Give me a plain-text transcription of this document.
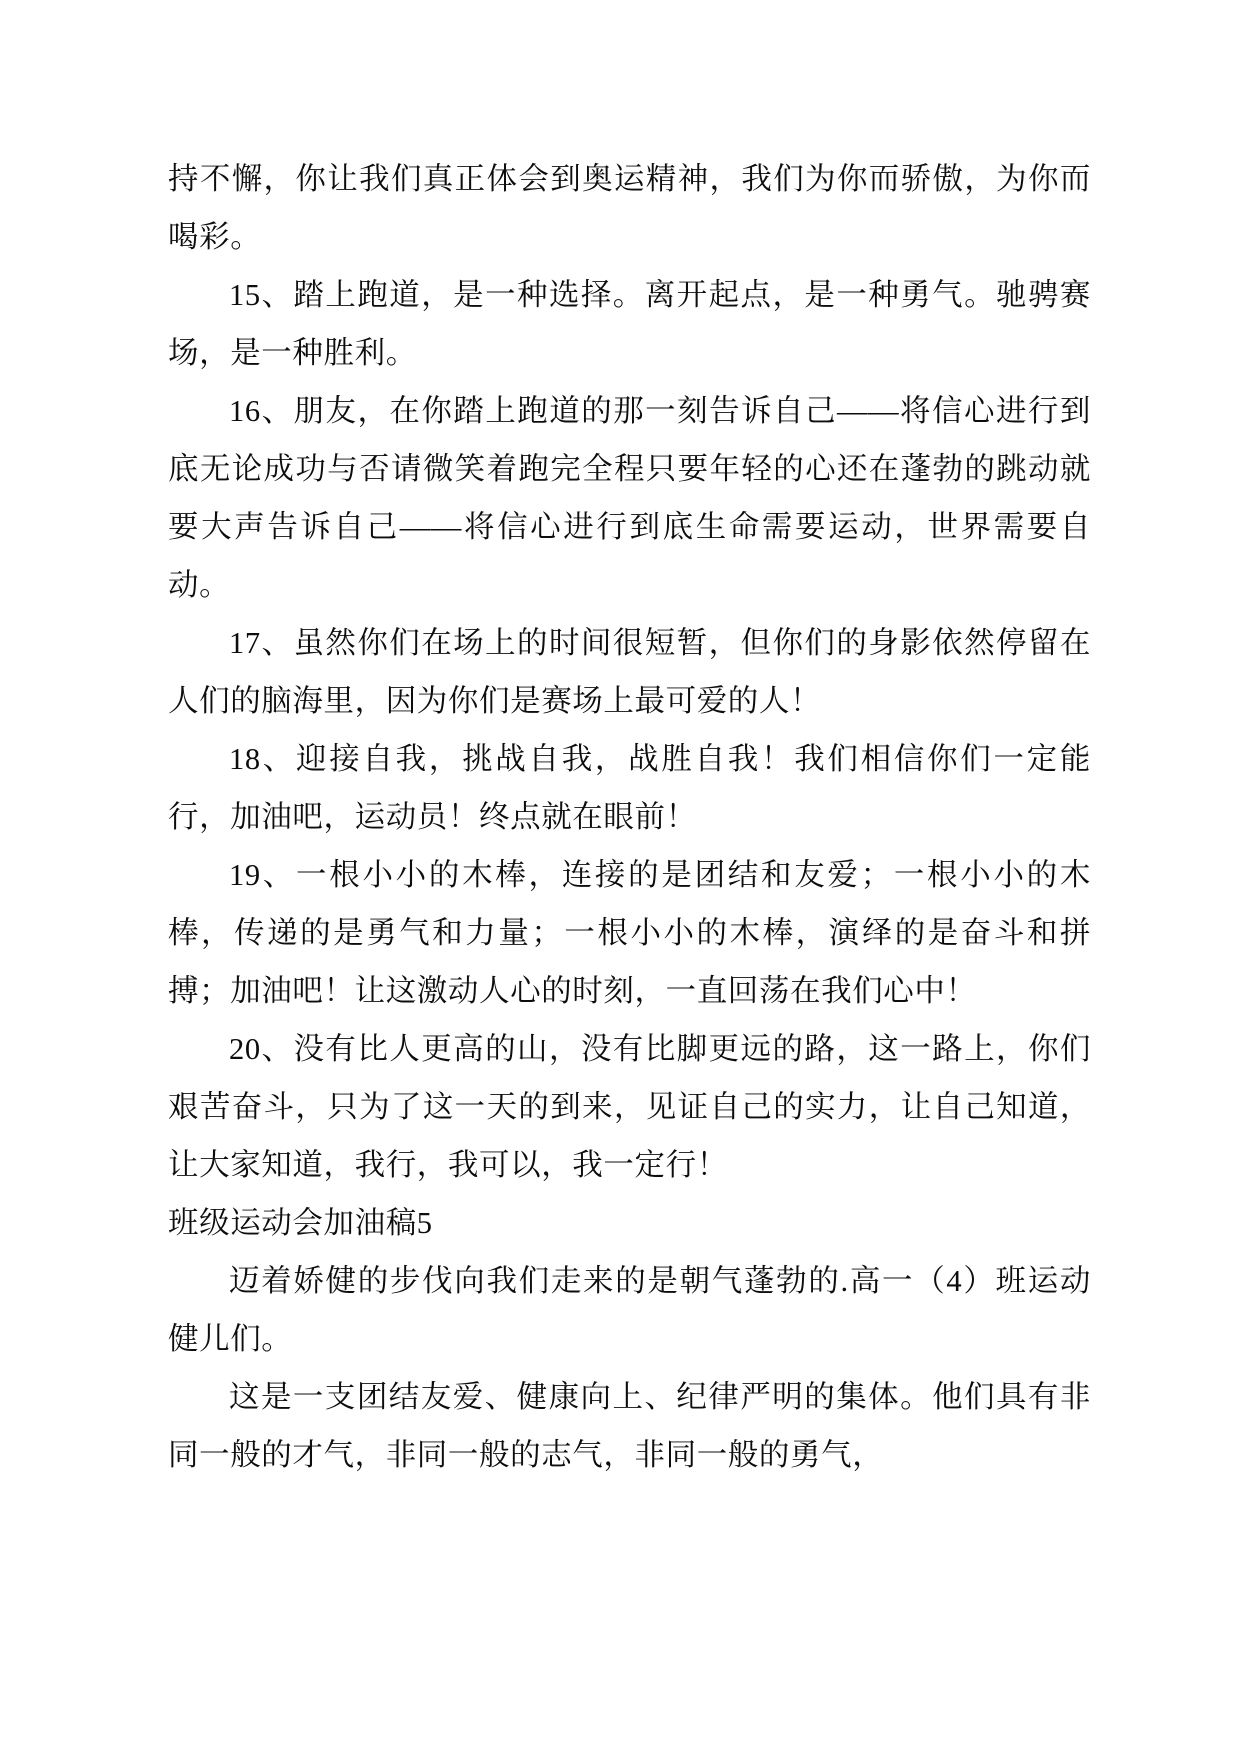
持不懈，你让我们真正体会到奥运精神，我们为你而骄傲，为你而喝彩。

15、踏上跑道，是一种选择。离开起点，是一种勇气。驰骋赛场，是一种胜利。

16、朋友，在你踏上跑道的那一刻告诉自己——将信心进行到底无论成功与否请微笑着跑完全程只要年轻的心还在蓬勃的跳动就要大声告诉自己——将信心进行到底生命需要运动，世界需要自动。

17、虽然你们在场上的时间很短暂，但你们的身影依然停留在人们的脑海里，因为你们是赛场上最可爱的人！

18、迎接自我，挑战自我，战胜自我！我们相信你们一定能行，加油吧，运动员！终点就在眼前！

19、一根小小的木棒，连接的是团结和友爱；一根小小的木棒，传递的是勇气和力量；一根小小的木棒，演绎的是奋斗和拼搏；加油吧！让这激动人心的时刻，一直回荡在我们心中！

20、没有比人更高的山，没有比脚更远的路，这一路上，你们艰苦奋斗，只为了这一天的到来，见证自己的实力，让自己知道，让大家知道，我行，我可以，我一定行！

班级运动会加油稿5

迈着娇健的步伐向我们走来的是朝气蓬勃的.高一（4）班运动健儿们。

这是一支团结友爱、健康向上、纪律严明的集体。他们具有非同一般的才气，非同一般的志气，非同一般的勇气，
